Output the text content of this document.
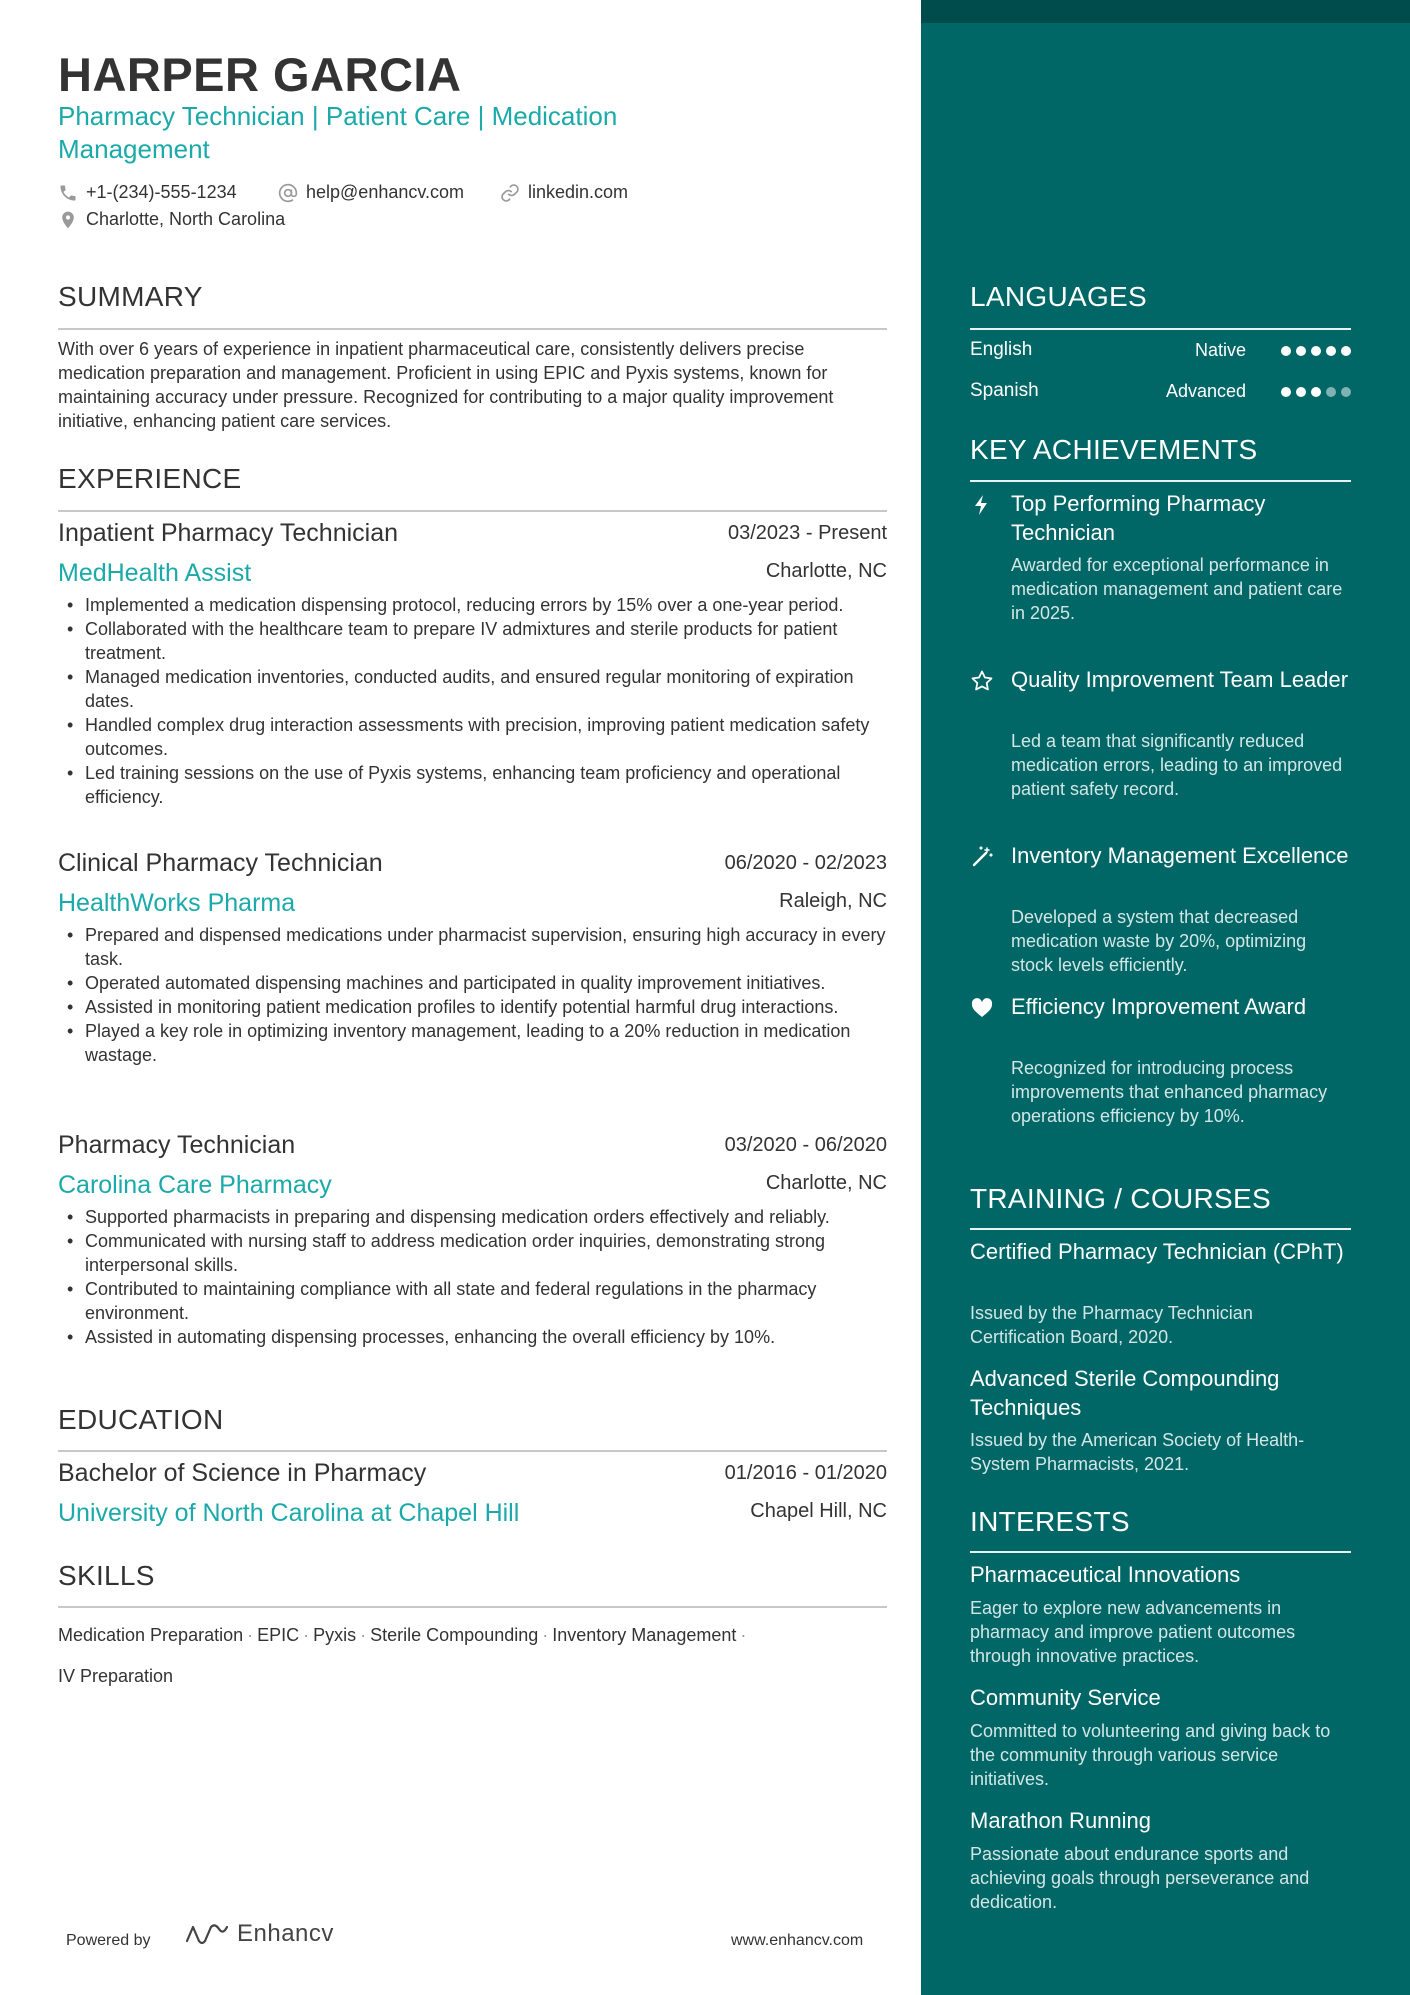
HARPER GARCIA
Pharmacy Technician | Patient Care | Medication Management
+1-(234)-555-1234	help@enhancv.com	linkedin.com
Charlotte, North Carolina
SUMMARY
With over 6 years of experience in inpatient pharmaceutical care, consistently delivers precise medication preparation and management. Proficient in using EPIC and Pyxis systems, known for maintaining accuracy under pressure. Recognized for contributing to a major quality improvement initiative, enhancing patient care services.
EXPERIENCE
Inpatient Pharmacy Technician	03/2023 - Present
MedHealth Assist	Charlotte, NC
• Implemented a medication dispensing protocol, reducing errors by 15% over a one-year period.
• Collaborated with the healthcare team to prepare IV admixtures and sterile products for patient treatment.
• Managed medication inventories, conducted audits, and ensured regular monitoring of expiration dates.
• Handled complex drug interaction assessments with precision, improving patient medication safety outcomes.
• Led training sessions on the use of Pyxis systems, enhancing team proficiency and operational efficiency.
Clinical Pharmacy Technician	06/2020 - 02/2023
HealthWorks Pharma	Raleigh, NC
• Prepared and dispensed medications under pharmacist supervision, ensuring high accuracy in every task.
• Operated automated dispensing machines and participated in quality improvement initiatives.
• Assisted in monitoring patient medication profiles to identify potential harmful drug interactions.
• Played a key role in optimizing inventory management, leading to a 20% reduction in medication wastage.
Pharmacy Technician	03/2020 - 06/2020
Carolina Care Pharmacy	Charlotte, NC
• Supported pharmacists in preparing and dispensing medication orders effectively and reliably.
• Communicated with nursing staff to address medication order inquiries, demonstrating strong interpersonal skills.
• Contributed to maintaining compliance with all state and federal regulations in the pharmacy environment.
• Assisted in automating dispensing processes, enhancing the overall efficiency by 10%.
EDUCATION
Bachelor of Science in Pharmacy	01/2016 - 01/2020
University of North Carolina at Chapel Hill	Chapel Hill, NC
SKILLS
Medication Preparation · EPIC · Pyxis · Sterile Compounding · Inventory Management ·
IV Preparation
Powered by	Enhancv	www.enhancv.com
LANGUAGES
English	Native
Spanish	Advanced
KEY ACHIEVEMENTS
Top Performing Pharmacy Technician
Awarded for exceptional performance in medication management and patient care in 2025.
Quality Improvement Team Leader
Led a team that significantly reduced medication errors, leading to an improved patient safety record.
Inventory Management Excellence
Developed a system that decreased medication waste by 20%, optimizing stock levels efficiently.
Efficiency Improvement Award
Recognized for introducing process improvements that enhanced pharmacy operations efficiency by 10%.
TRAINING / COURSES
Certified Pharmacy Technician (CPhT)
Issued by the Pharmacy Technician Certification Board, 2020.
Advanced Sterile Compounding Techniques
Issued by the American Society of Health-System Pharmacists, 2021.
INTERESTS
Pharmaceutical Innovations
Eager to explore new advancements in pharmacy and improve patient outcomes through innovative practices.
Community Service
Committed to volunteering and giving back to the community through various service initiatives.
Marathon Running
Passionate about endurance sports and achieving goals through perseverance and dedication.
